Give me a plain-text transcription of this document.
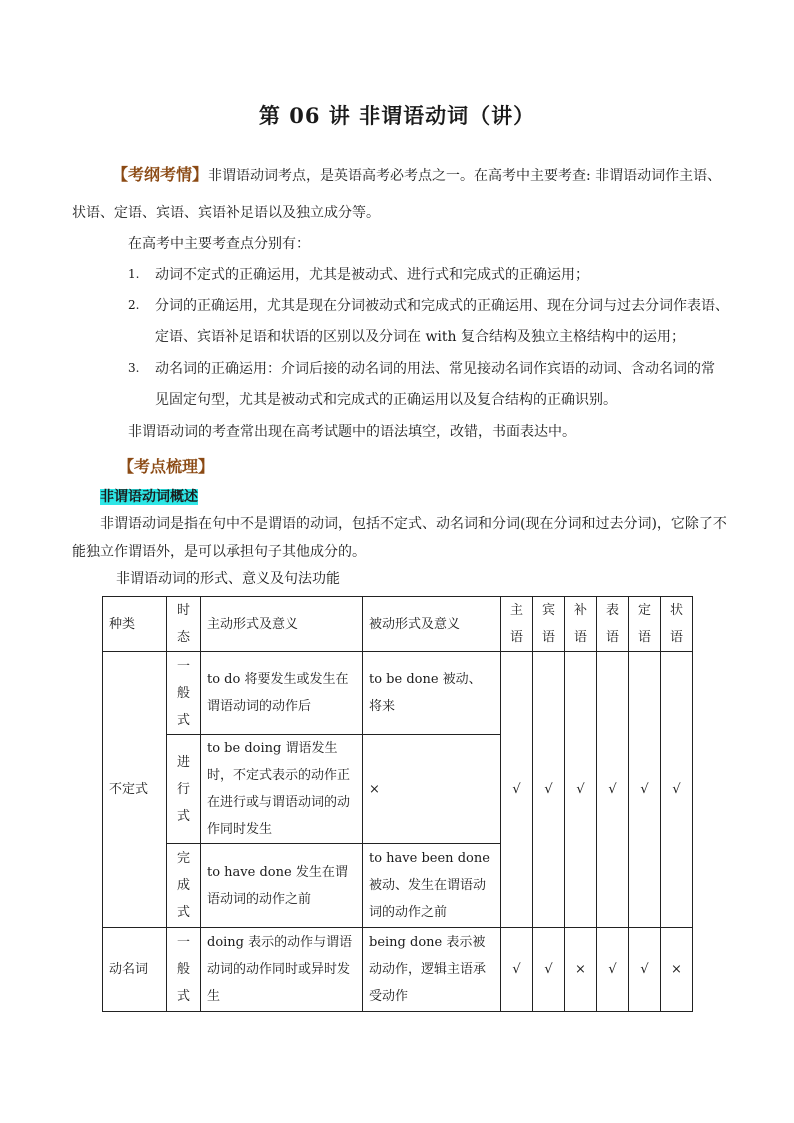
第 06 讲 非谓语动词（讲）
【考纲考情】非谓语动词考点，是英语高考必考点之一。在高考中主要考查: 非谓语动词作主语、
状语、定语、宾语、宾语补足语以及独立成分等。
在高考中主要考查点分别有：
1. 动词不定式的正确运用，尤其是被动式、进行式和完成式的正确运用；
2. 分词的正确运用，尤其是现在分词被动式和完成式的正确运用、现在分词与过去分词作表语、
定语、宾语补足语和状语的区别以及分词在 with 复合结构及独立主格结构中的运用；
3. 动名词的正确运用：介词后接的动名词的用法、常见接动名词作宾语的动词、含动名词的常
见固定句型，尤其是被动式和完成式的正确运用以及复合结构的正确识别。
非谓语动词的考查常出现在高考试题中的语法填空，改错，书面表达中。
【考点梳理】
非谓语动词概述
非谓语动词是指在句中不是谓语的动词，包括不定式、动名词和分词(现在分词和过去分词)，它除了不
能独立作谓语外，是可以承担句子其他成分的。
非谓语动词的形式、意义及句法功能
种类	时态	主动形式及意义	被动形式及意义	主语	宾语	补语	表语	定语	状语
不定式	一般式	to do 将要发生或发生在谓语动词的动作后	to be done 被动、将来	√	√	√	√	√	√
	进行式	to be doing 谓语发生时，不定式表示的动作正在进行或与谓语动词的动作同时发生	×						
	完成式	to have done 发生在谓语动词的动作之前	to have been done 被动、发生在谓语动词的动作之前						
动名词	一般式	doing 表示的动作与谓语动词的动作同时或异时发生	being done 表示被动动作，逻辑主语承受动作	√	√	×	√	√	×
